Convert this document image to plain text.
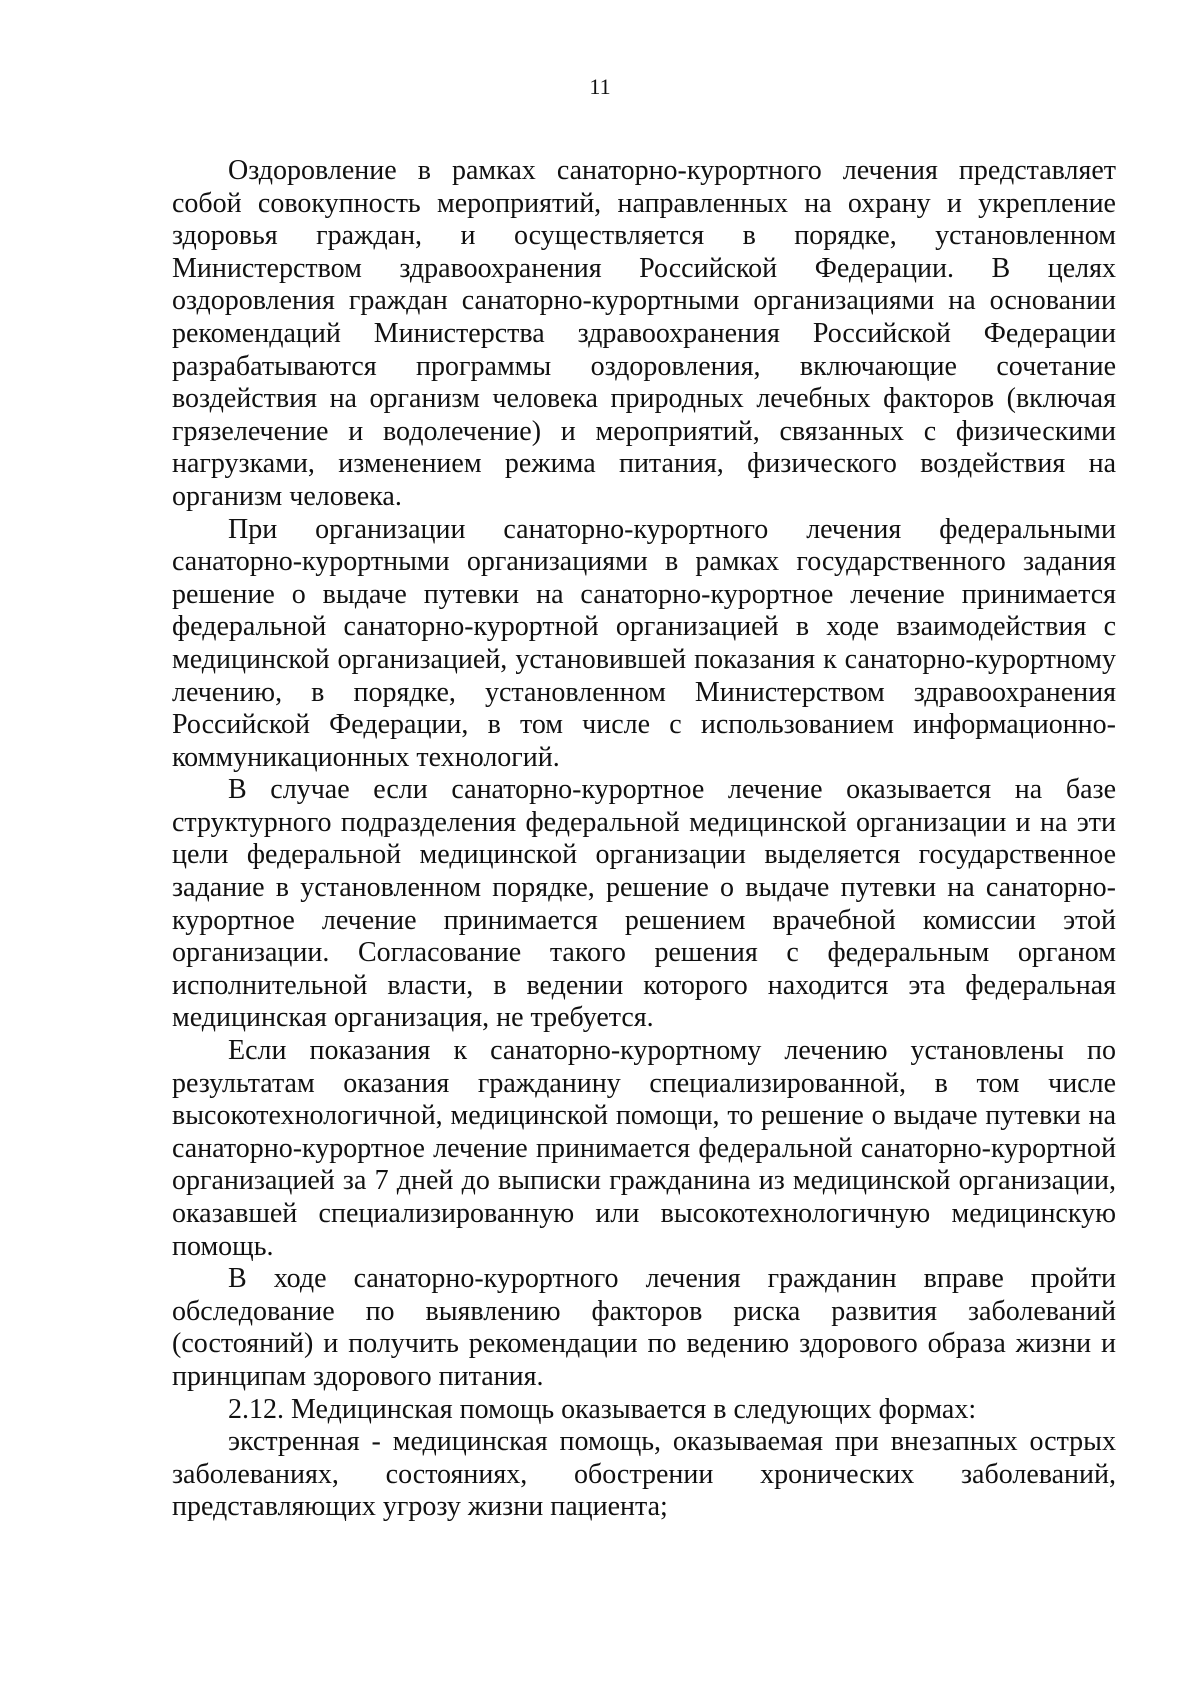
11

Оздоровление в рамках санаторно-курортного лечения представляет собой совокупность мероприятий, направленных на охрану и укрепление здоровья граждан, и осуществляется в порядке, установленном Министерством здравоохранения Российской Федерации. В целях оздоровления граждан санаторно-курортными организациями на основании рекомендаций Министерства здравоохранения Российской Федерации разрабатываются программы оздоровления, включающие сочетание воздействия на организм человека природных лечебных факторов (включая грязелечение и водолечение) и мероприятий, связанных с физическими нагрузками, изменением режима питания, физического воздействия на организм человека.

При организации санаторно-курортного лечения федеральными санаторно-курортными организациями в рамках государственного задания решение о выдаче путевки на санаторно-курортное лечение принимается федеральной санаторно-курортной организацией в ходе взаимодействия с медицинской организацией, установившей показания к санаторно-курортному лечению, в порядке, установленном Министерством здравоохранения Российской Федерации, в том числе с использованием информационно-коммуникационных технологий.

В случае если санаторно-курортное лечение оказывается на базе структурного подразделения федеральной медицинской организации и на эти цели федеральной медицинской организации выделяется государственное задание в установленном порядке, решение о выдаче путевки на санаторно-курортное лечение принимается решением врачебной комиссии этой организации. Согласование такого решения с федеральным органом исполнительной власти, в ведении которого находится эта федеральная медицинская организация, не требуется.

Если показания к санаторно-курортному лечению установлены по результатам оказания гражданину специализированной, в том числе высокотехнологичной, медицинской помощи, то решение о выдаче путевки на санаторно-курортное лечение принимается федеральной санаторно-курортной организацией за 7 дней до выписки гражданина из медицинской организации, оказавшей специализированную или высокотехнологичную медицинскую помощь.

В ходе санаторно-курортного лечения гражданин вправе пройти обследование по выявлению факторов риска развития заболеваний (состояний) и получить рекомендации по ведению здорового образа жизни и принципам здорового питания.

2.12. Медицинская помощь оказывается в следующих формах:

экстренная - медицинская помощь, оказываемая при внезапных острых заболеваниях, состояниях, обострении хронических заболеваний, представляющих угрозу жизни пациента;
